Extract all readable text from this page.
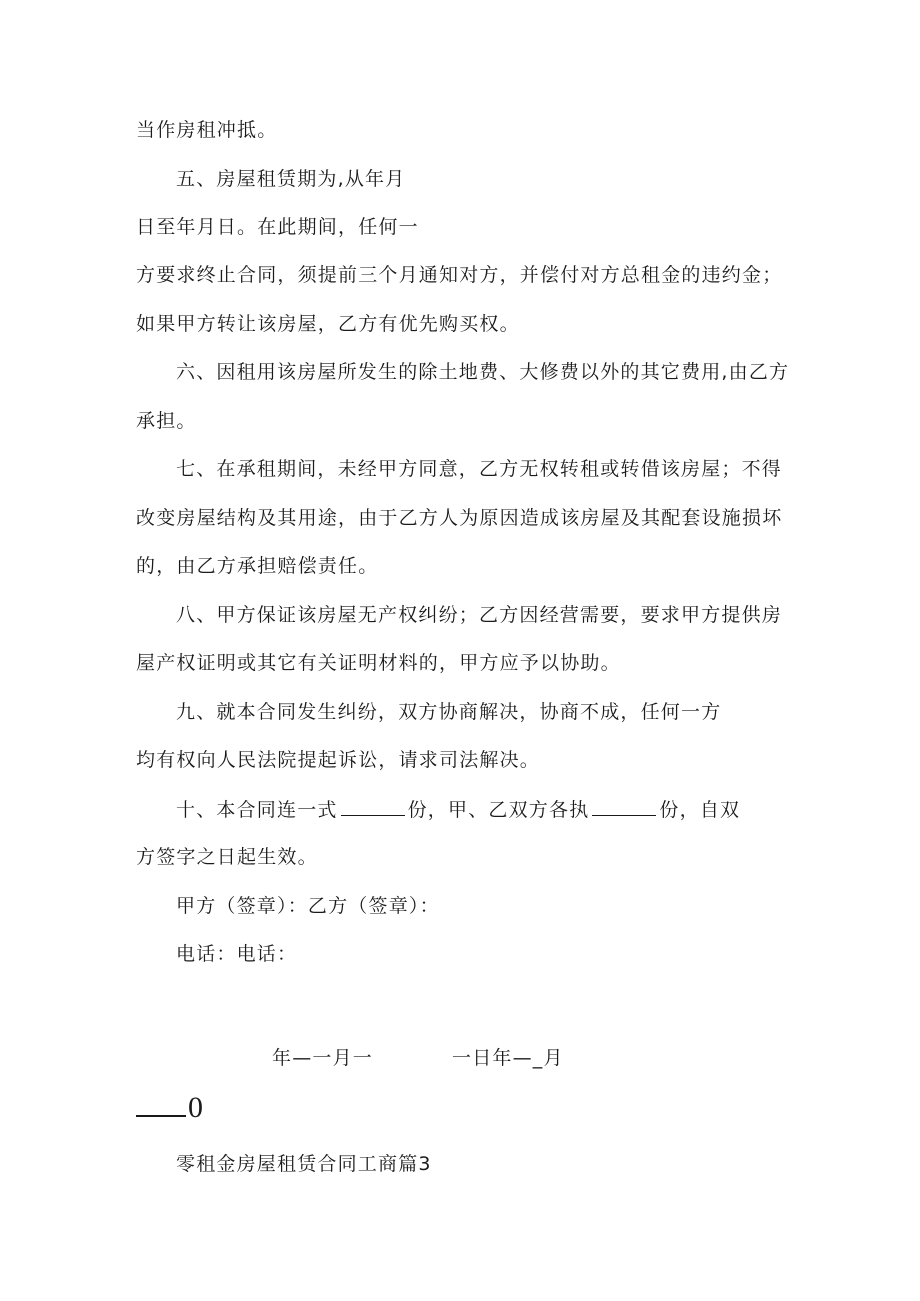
当作房租冲抵。
五、房屋租赁期为,从年月
日至年月日。在此期间，任何一
方要求终止合同，须提前三个月通知对方，并偿付对方总租金的违约金；
如果甲方转让该房屋，乙方有优先购买权。
六、因租用该房屋所发生的除土地费、大修费以外的其它费用,由乙方
承担。
七、在承租期间，未经甲方同意，乙方无权转租或转借该房屋；不得
改变房屋结构及其用途，由于乙方人为原因造成该房屋及其配套设施损坏
的，由乙方承担赔偿责任。
八、甲方保证该房屋无产权纠纷；乙方因经营需要，要求甲方提供房
屋产权证明或其它有关证明材料的，甲方应予以协助。
九、就本合同发生纠纷，双方协商解决，协商不成，任何一方
均有权向人民法院提起诉讼，请求司法解决。
十、本合同连一式	份，甲、乙双方各执	份，自双
方签字之日起生效。
甲方（签章）：乙方（签章）：
电话：电话：
年—一月一	一日年—_月
0
零租金房屋租赁合同工商篇3
